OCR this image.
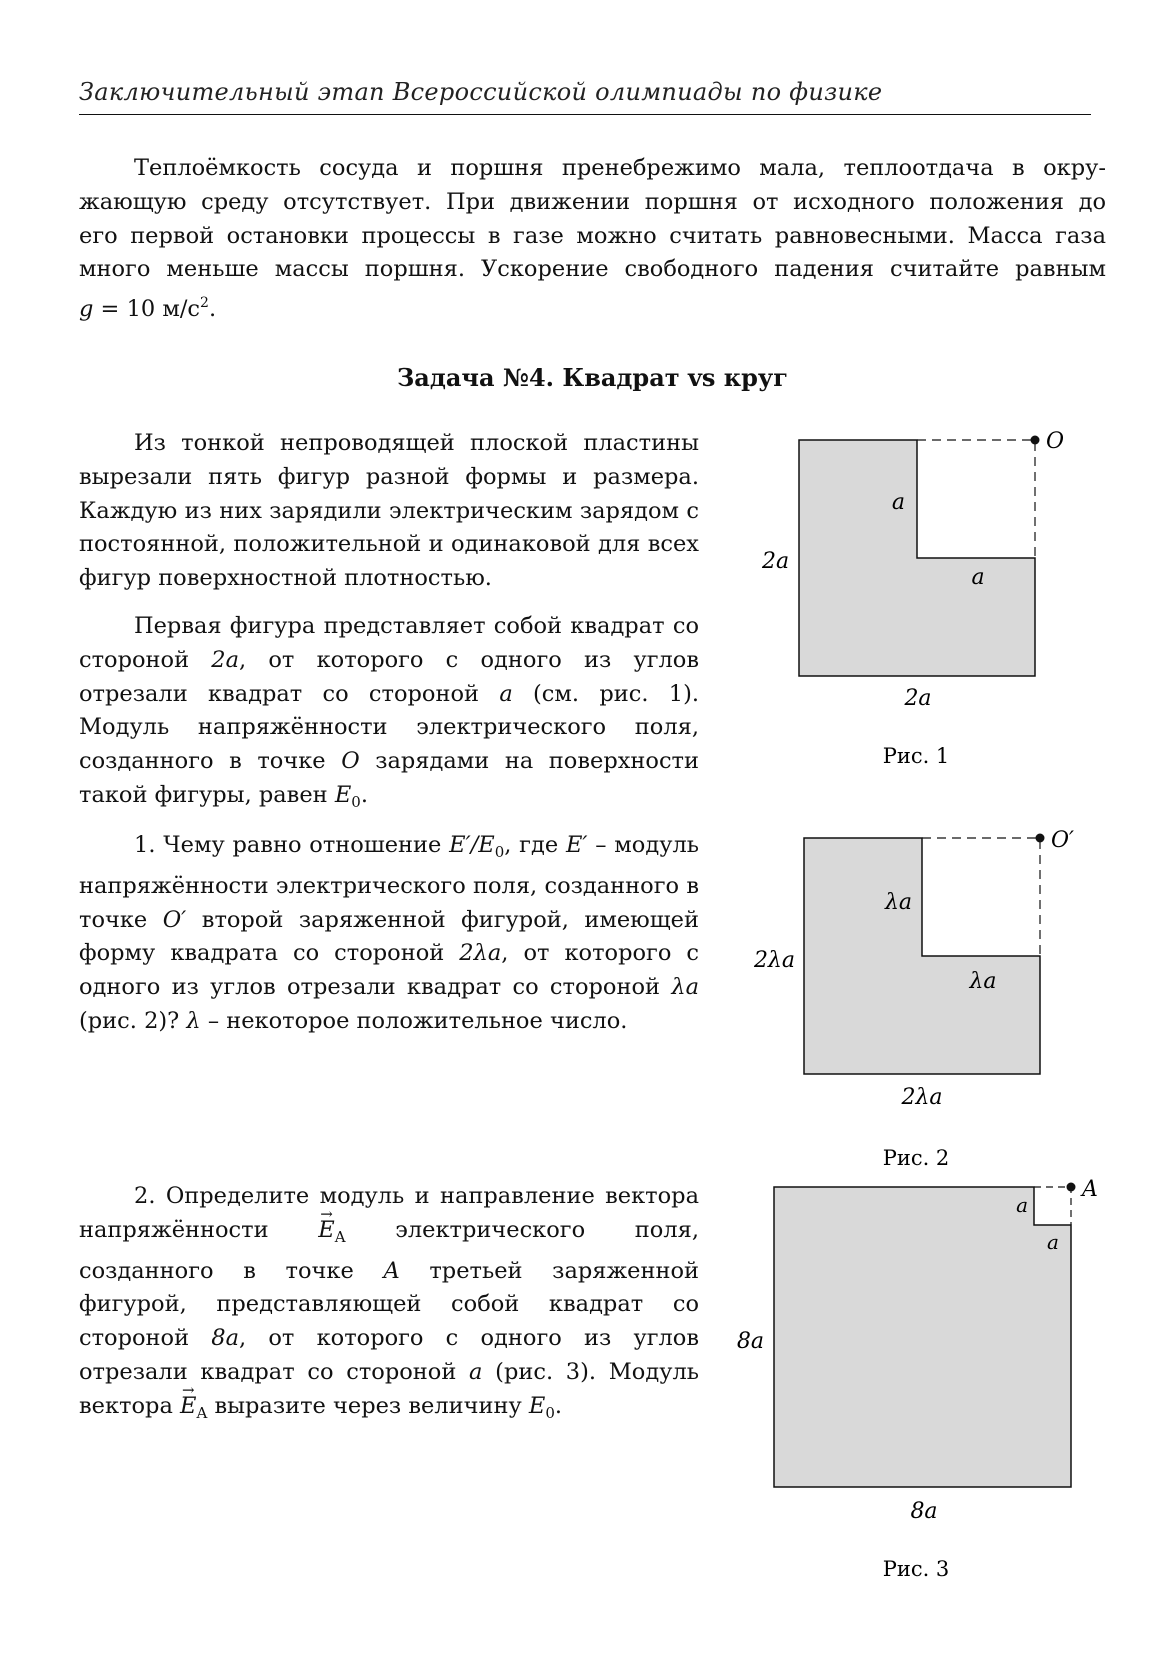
Заключительный этап Всероссийской олимпиады по физике
Теплоёмкость сосуда и поршня пренебрежимо мала, теплоотдача в окру-
жающую среду отсутствует. При движении поршня от исходного положения до
его первой остановки процессы в газе можно считать равновесными. Масса газа
много меньше массы поршня. Ускорение свободного падения считайте равным
g = 10 $м/с^2$.
Задача №4. Квадрат vs круг

Из тонкой непроводящей плоской пластины вырезали пять фигур разной формы и размера. Каждую из них зарядили электрическим зарядом с постоянной, положительной и одинаковой для всех фигур поверхностной плотностью.

Первая фигура представляет собой квадрат со стороной 2a, от которого с одного из углов отрезали квадрат со стороной a (см. рис. 1). Модуль напряжённости электрического поля, созданного в точке O зарядами на поверхности такой фигуры, равен $E_0$.

1. Чему равно отношение $E'/E_0$, где E′ – модуль напряжённости электрического поля, созданного в точке O′ второй заряженной фигурой, имеющей форму квадрата со стороной 2λa, от которого с одного из углов отрезали квадрат со стороной λa (рис. 2)? λ – некоторое положительное число.

2. Определите модуль и направление вектора напряжённости → $E_A$ электрического поля, созданного в точке A третьей заряженной фигурой, представляющей собой квадрат со стороной 8a, от которого с одного из углов отрезали квадрат со стороной a (рис. 3). Модуль вектора → $E_A$ выразите через величину $E_0$.

2a
a
a
2a
O
Рис. 1
2λa
λa
λa
2λa
O′
Рис. 2
8a
a
a
8a
A
Рис. 3
